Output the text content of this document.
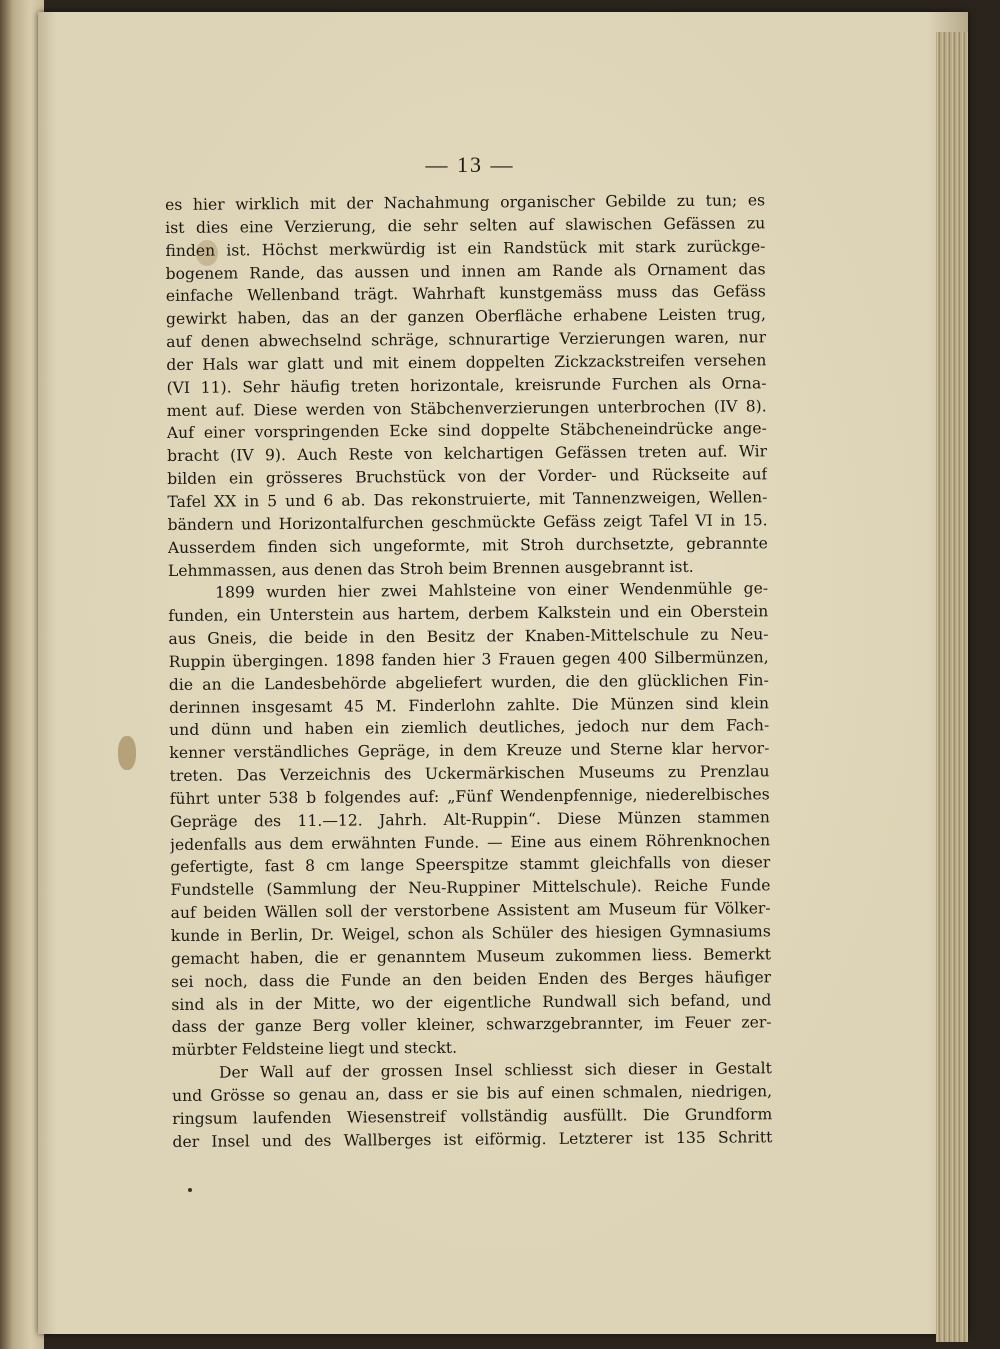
— 13 —
es hier wirklich mit der Nachahmung organischer Gebilde zu tun; es
ist dies eine Verzierung, die sehr selten auf slawischen Gefässen zu
finden ist. Höchst merkwürdig ist ein Randstück mit stark zurückge-
bogenem Rande, das aussen und innen am Rande als Ornament das
einfache Wellenband trägt. Wahrhaft kunstgemäss muss das Gefäss
gewirkt haben, das an der ganzen Oberfläche erhabene Leisten trug,
auf denen abwechselnd schräge, schnurartige Verzierungen waren, nur
der Hals war glatt und mit einem doppelten Zickzackstreifen versehen
(VI 11). Sehr häufig treten horizontale, kreisrunde Furchen als Orna-
ment auf. Diese werden von Stäbchenverzierungen unterbrochen (IV 8).
Auf einer vorspringenden Ecke sind doppelte Stäbcheneindrücke ange-
bracht (IV 9). Auch Reste von kelchartigen Gefässen treten auf. Wir
bilden ein grösseres Bruchstück von der Vorder- und Rückseite auf
Tafel XX in 5 und 6 ab. Das rekonstruierte, mit Tannenzweigen, Wellen-
bändern und Horizontalfurchen geschmückte Gefäss zeigt Tafel VI in 15.
Ausserdem finden sich ungeformte, mit Stroh durchsetzte, gebrannte
Lehmmassen, aus denen das Stroh beim Brennen ausgebrannt ist.
1899 wurden hier zwei Mahlsteine von einer Wendenmühle ge-
funden, ein Unterstein aus hartem, derbem Kalkstein und ein Oberstein
aus Gneis, die beide in den Besitz der Knaben-Mittelschule zu Neu-
Ruppin übergingen. 1898 fanden hier 3 Frauen gegen 400 Silbermünzen,
die an die Landesbehörde abgeliefert wurden, die den glücklichen Fin-
derinnen insgesamt 45 M. Finderlohn zahlte. Die Münzen sind klein
und dünn und haben ein ziemlich deutliches, jedoch nur dem Fach-
kenner verständliches Gepräge, in dem Kreuze und Sterne klar hervor-
treten. Das Verzeichnis des Uckermärkischen Museums zu Prenzlau
führt unter 538 b folgendes auf: „Fünf Wendenpfennige, niederelbisches
Gepräge des 11.—12. Jahrh. Alt-Ruppin“. Diese Münzen stammen
jedenfalls aus dem erwähnten Funde. — Eine aus einem Röhrenknochen
gefertigte, fast 8 cm lange Speerspitze stammt gleichfalls von dieser
Fundstelle (Sammlung der Neu-Ruppiner Mittelschule). Reiche Funde
auf beiden Wällen soll der verstorbene Assistent am Museum für Völker-
kunde in Berlin, Dr. Weigel, schon als Schüler des hiesigen Gymnasiums
gemacht haben, die er genanntem Museum zukommen liess. Bemerkt
sei noch, dass die Funde an den beiden Enden des Berges häufiger
sind als in der Mitte, wo der eigentliche Rundwall sich befand, und
dass der ganze Berg voller kleiner, schwarzgebrannter, im Feuer zer-
mürbter Feldsteine liegt und steckt.
Der Wall auf der grossen Insel schliesst sich dieser in Gestalt
und Grösse so genau an, dass er sie bis auf einen schmalen, niedrigen,
ringsum laufenden Wiesenstreif vollständig ausfüllt. Die Grundform
der Insel und des Wallberges ist eiförmig. Letzterer ist 135 Schritt
